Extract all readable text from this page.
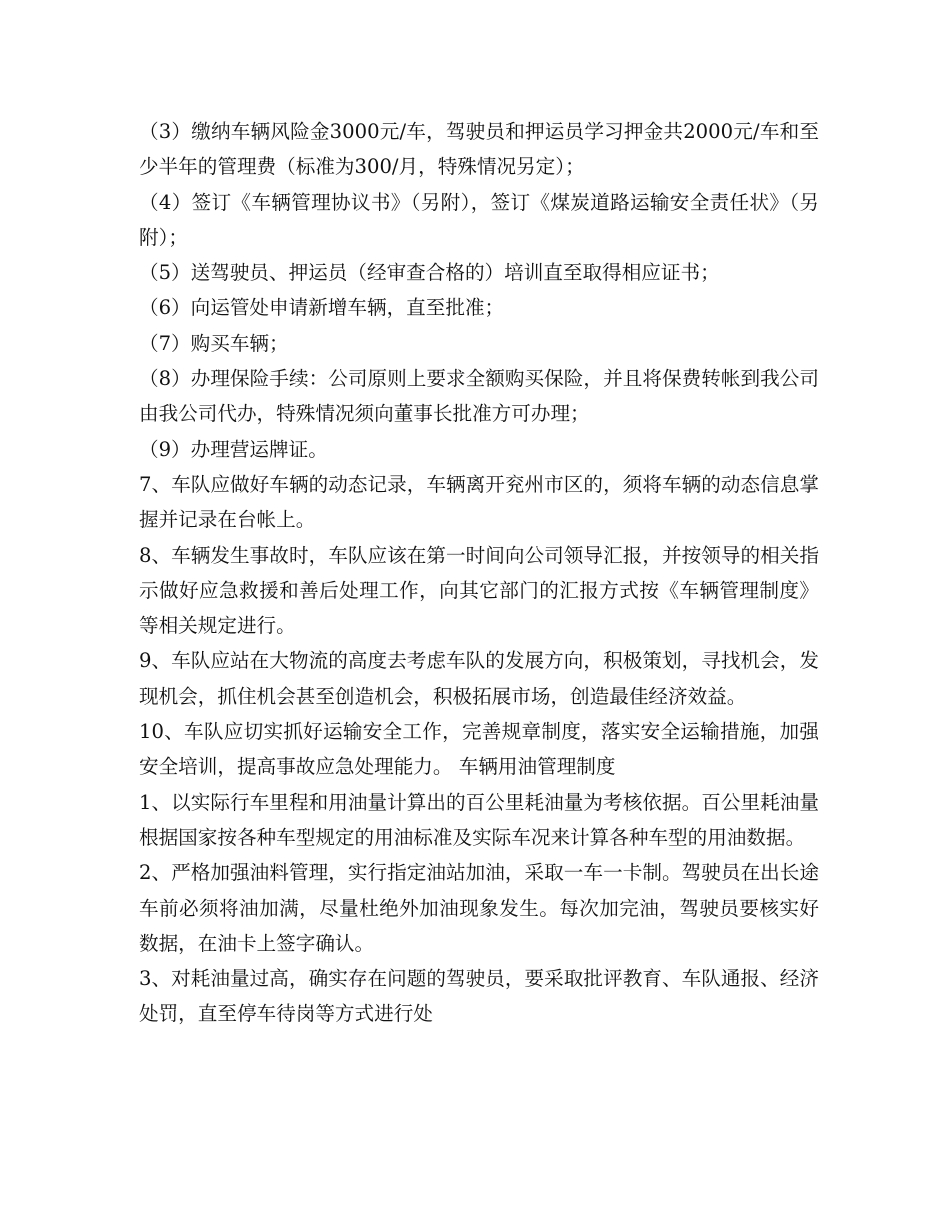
（3）缴纳车辆风险金3000元/车，驾驶员和押运员学习押金共2000元/车和至少半年的管理费（标准为300/月，特殊情况另定）；

（4）签订《车辆管理协议书》（另附），签订《煤炭道路运输安全责任状》（另附）；

（5）送驾驶员、押运员（经审查合格的）培训直至取得相应证书；

（6）向运管处申请新增车辆，直至批准；

（7）购买车辆；

（8）办理保险手续：公司原则上要求全额购买保险，并且将保费转帐到我公司由我公司代办，特殊情况须向董事长批准方可办理；

（9）办理营运牌证。

7、车队应做好车辆的动态记录，车辆离开兖州市区的，须将车辆的动态信息掌握并记录在台帐上。

8、车辆发生事故时，车队应该在第一时间向公司领导汇报，并按领导的相关指示做好应急救援和善后处理工作，向其它部门的汇报方式按《车辆管理制度》等相关规定进行。

9、车队应站在大物流的高度去考虑车队的发展方向，积极策划，寻找机会，发现机会，抓住机会甚至创造机会，积极拓展市场，创造最佳经济效益。

10、车队应切实抓好运输安全工作，完善规章制度，落实安全运输措施，加强安全培训，提高事故应急处理能力。 车辆用油管理制度

1、以实际行车里程和用油量计算出的百公里耗油量为考核依据。百公里耗油量根据国家按各种车型规定的用油标准及实际车况来计算各种车型的用油数据。

2、严格加强油料管理，实行指定油站加油，采取一车一卡制。驾驶员在出长途车前必须将油加满，尽量杜绝外加油现象发生。每次加完油，驾驶员要核实好数据，在油卡上签字确认。

3、对耗油量过高，确实存在问题的驾驶员，要采取批评教育、车队通报、经济处罚，直至停车待岗等方式进行处
